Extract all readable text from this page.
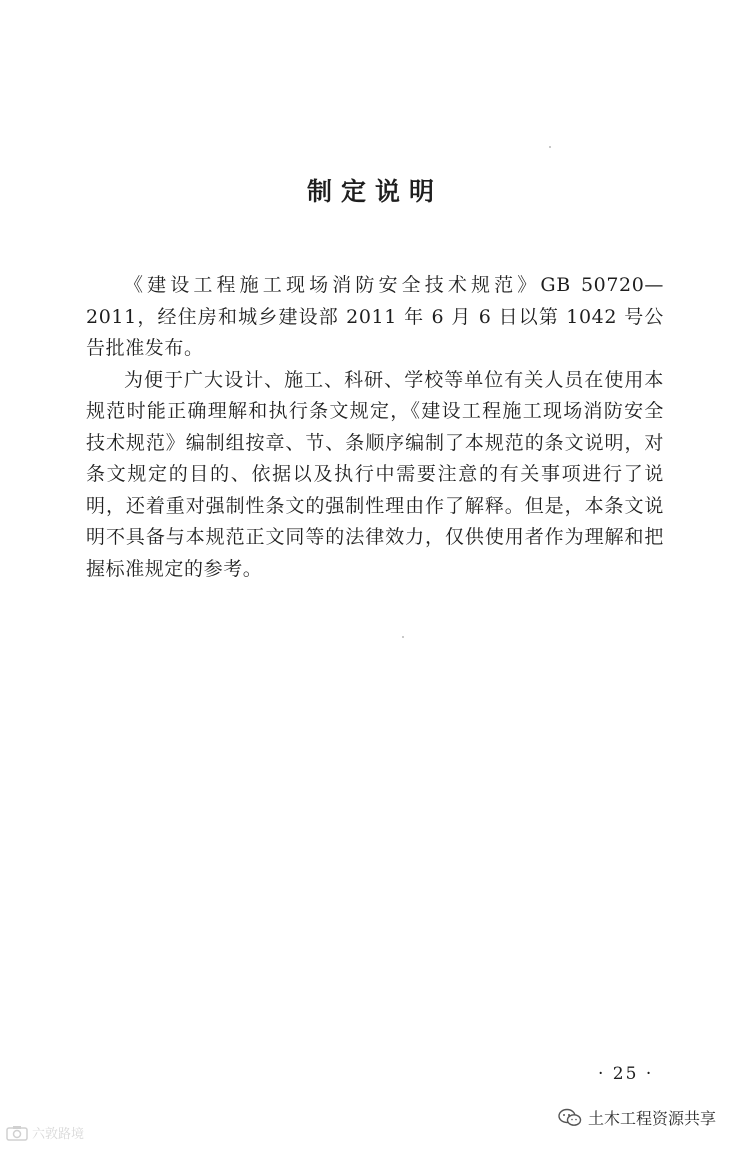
制定说明

《建设工程施工现场消防安全技术规范》GB 50720—2011，经住房和城乡建设部 2011 年 6 月 6 日以第 1042 号公告批准发布。

为便于广大设计、施工、科研、学校等单位有关人员在使用本规范时能正确理解和执行条文规定，《建设工程施工现场消防安全技术规范》编制组按章、节、条顺序编制了本规范的条文说明，对条文规定的目的、依据以及执行中需要注意的有关事项进行了说明，还着重对强制性条文的强制性理由作了解释。但是，本条文说明不具备与本规范正文同等的法律效力，仅供使用者作为理解和把握标准规定的参考。

· 25 ·
六敦路境
土木工程资源共享
